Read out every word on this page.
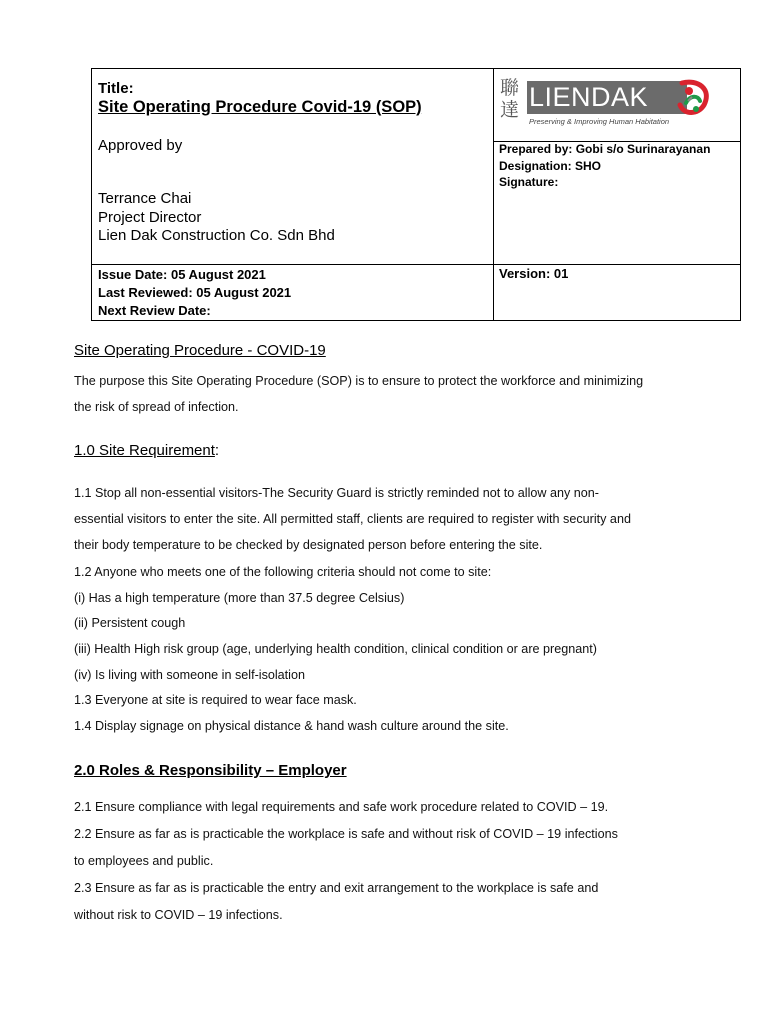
Title:
Site Operating Procedure Covid-19 (SOP)
Approved by
Terrance Chai
Project Director
Lien Dak Construction Co. Sdn Bhd
聯達 LIENDAK
Preserving & Improving Human Habitation
Prepared by: Gobi s/o Surinarayanan
Designation: SHO
Signature:
Issue Date: 05 August 2021
Last Reviewed: 05 August 2021
Next Review Date:
Version: 01
Site Operating Procedure - COVID-19
The purpose this Site Operating Procedure (SOP) is to ensure to protect the workforce and minimizing
the risk of spread of infection.
1.0 Site Requirement:
1.1 Stop all non-essential visitors-The Security Guard is strictly reminded not to allow any non-
essential visitors to enter the site. All permitted staff, clients are required to register with security and
their body temperature to be checked by designated person before entering the site.
1.2 Anyone who meets one of the following criteria should not come to site:
(i) Has a high temperature (more than 37.5 degree Celsius)
(ii) Persistent cough
(iii) Health High risk group (age, underlying health condition, clinical condition or are pregnant)
(iv) Is living with someone in self-isolation
1.3 Everyone at site is required to wear face mask.
1.4 Display signage on physical distance & hand wash culture around the site.
2.0 Roles & Responsibility – Employer
2.1 Ensure compliance with legal requirements and safe work procedure related to COVID – 19.
2.2 Ensure as far as is practicable the workplace is safe and without risk of COVID – 19 infections
to employees and public.
2.3 Ensure as far as is practicable the entry and exit arrangement to the workplace is safe and
without risk to COVID – 19 infections.
